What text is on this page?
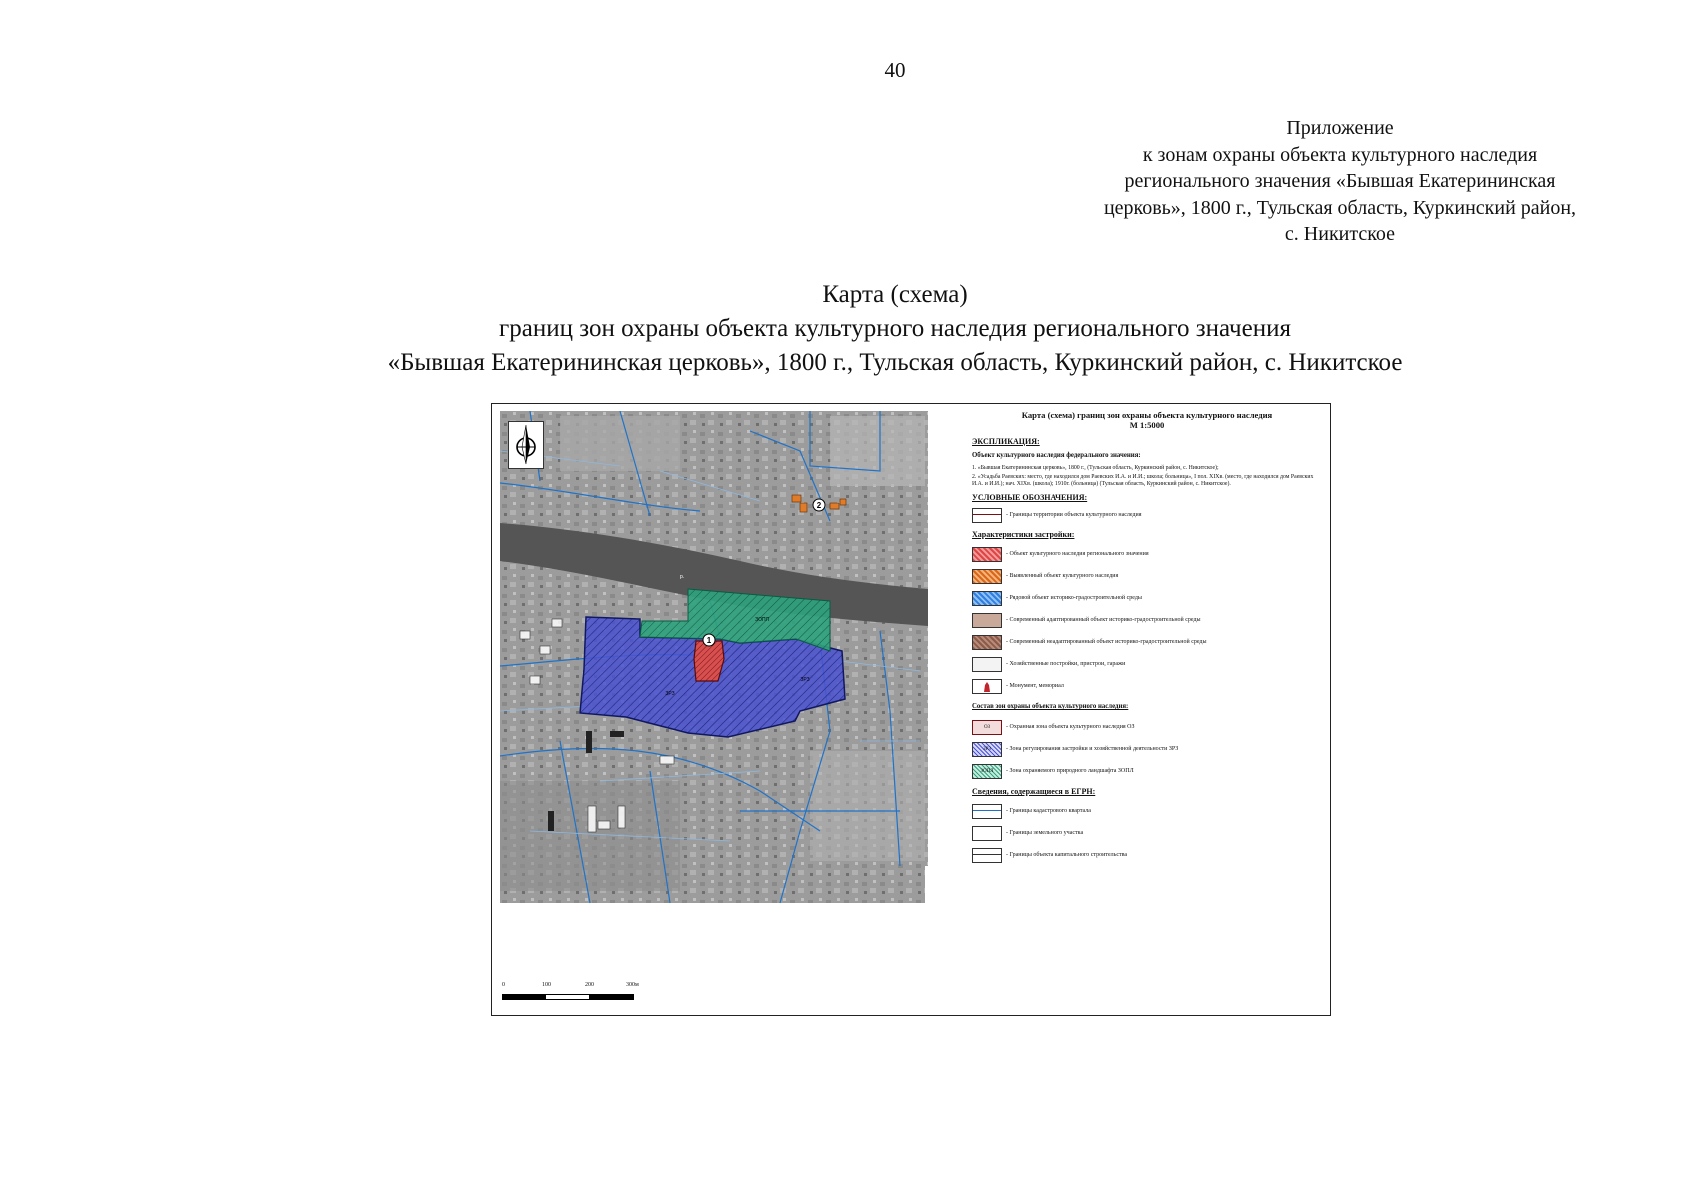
40
Приложение
к зонам охраны объекта культурного наследия
регионального значения «Бывшая Екатерининская
церковь», 1800 г., Тульская область, Куркинский район,
с. Никитское
Карта (схема)
границ зон охраны объекта культурного наследия регионального значения
«Бывшая Екатерининская церковь», 1800 г., Тульская область, Куркинский район, с. Никитское
р.
1
2
ЗОПЛ
ЗРЗ
ЗРЗ
0	100	200	300м
Карта (схема) границ зон охраны объекта культурного наследия
М 1:5000
ЭКСПЛИКАЦИЯ:
Объект культурного наследия федерального значения:
1. «Бывшая Екатерининская церковь», 1800 г., (Тульская область, Куркинский район, с. Никитское);
2. «Усадьба Раевских: место, где находился дом Раевских И.А. и И.И.; школа; больница», I пол. XIXв. (место, где находился дом Раевских И.А. и И.И.); нач. XIXв. (школа); 1910г. (больница) (Тульская область, Куркинский район, с. Никитское).
УСЛОВНЫЕ ОБОЗНАЧЕНИЯ:
- Границы территории объекта культурного наследия
Характеристики застройки:
- Объект культурного наследия регионального значения
- Выявленный объект культурного наследия
- Рядовой объект историко-градостроительной среды
- Современный адаптированный объект историко-градостроительной среды
- Современный неадаптированный объект историко-градостроительной среды
- Хозяйственные постройки, пристрои, гаражи
- Монумент, мемориал
Состав зон охраны объекта культурного наследия:
ОЗ	- Охранная зона объекта культурного наследия ОЗ
ЗРЗ	- Зона регулирования застройки и хозяйственной деятельности ЗРЗ
ЗОПЛ	- Зона охраняемого природного ландшафта ЗОПЛ
Сведения, содержащиеся в ЕГРН:
- Границы кадастрового квартала
- Границы земельного участка
- Границы объекта капитального строительства
